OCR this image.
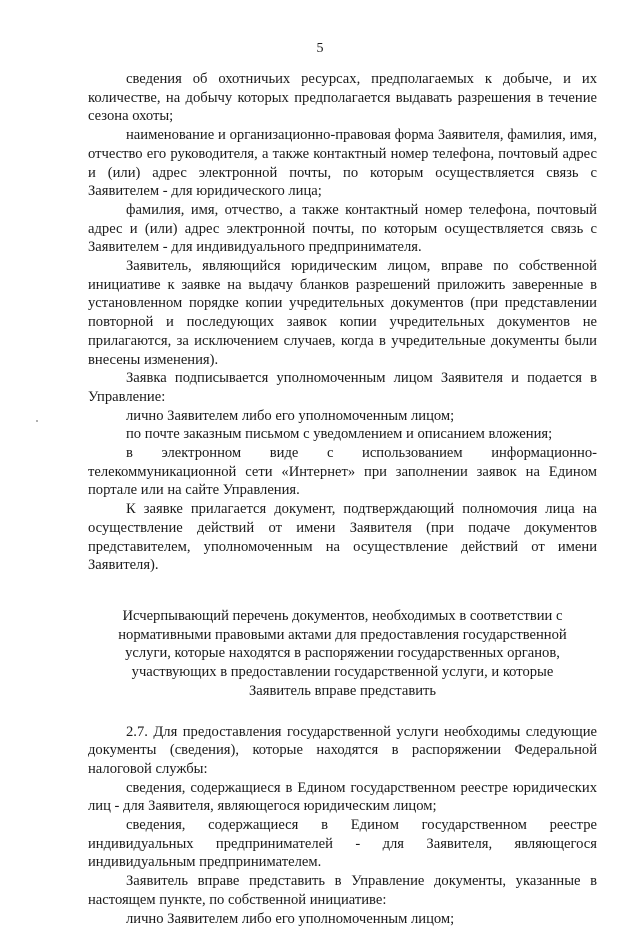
5

сведения об охотничьих ресурсах, предполагаемых к добыче, и их количестве, на добычу которых предполагается выдавать разрешения в течение сезона охоты;

наименование и организационно-правовая форма Заявителя, фамилия, имя, отчество его руководителя, а также контактный номер телефона, почтовый адрес и (или) адрес электронной почты, по которым осуществляется связь с Заявителем - для юридического лица;

фамилия, имя, отчество, а также контактный номер телефона, почтовый адрес и (или) адрес электронной почты, по которым осуществляется связь с Заявителем - для индивидуального предпринимателя.

Заявитель, являющийся юридическим лицом, вправе по собственной инициативе к заявке на выдачу бланков разрешений приложить заверенные в установленном порядке копии учредительных документов (при представлении повторной и последующих заявок копии учредительных документов не прилагаются, за исключением случаев, когда в учредительные документы были внесены изменения).

Заявка подписывается уполномоченным лицом Заявителя и подается в Управление:

лично Заявителем либо его уполномоченным лицом;

по почте заказным письмом с уведомлением и описанием вложения;

в электронном виде с использованием информационно-телекоммуникационной сети «Интернет» при заполнении заявок на Едином портале или на сайте Управления.

К заявке прилагается документ, подтверждающий полномочия лица на осуществление действий от имени Заявителя (при подаче документов представителем, уполномоченным на осуществление действий от имени Заявителя).

Исчерпывающий перечень документов, необходимых в соответствии с нормативными правовыми актами для предоставления государственной услуги, которые находятся в распоряжении государственных органов, участвующих в предоставлении государственной услуги, и которые Заявитель вправе представить

2.7. Для предоставления государственной услуги необходимы следующие документы (сведения), которые находятся в распоряжении Федеральной налоговой службы:

сведения, содержащиеся в Едином государственном реестре юридических лиц - для Заявителя, являющегося юридическим лицом;

сведения, содержащиеся в Едином государственном реестре индивидуальных предпринимателей - для Заявителя, являющегося индивидуальным предпринимателем.

Заявитель вправе представить в Управление документы, указанные в настоящем пункте, по собственной инициативе:

лично Заявителем либо его уполномоченным лицом;
